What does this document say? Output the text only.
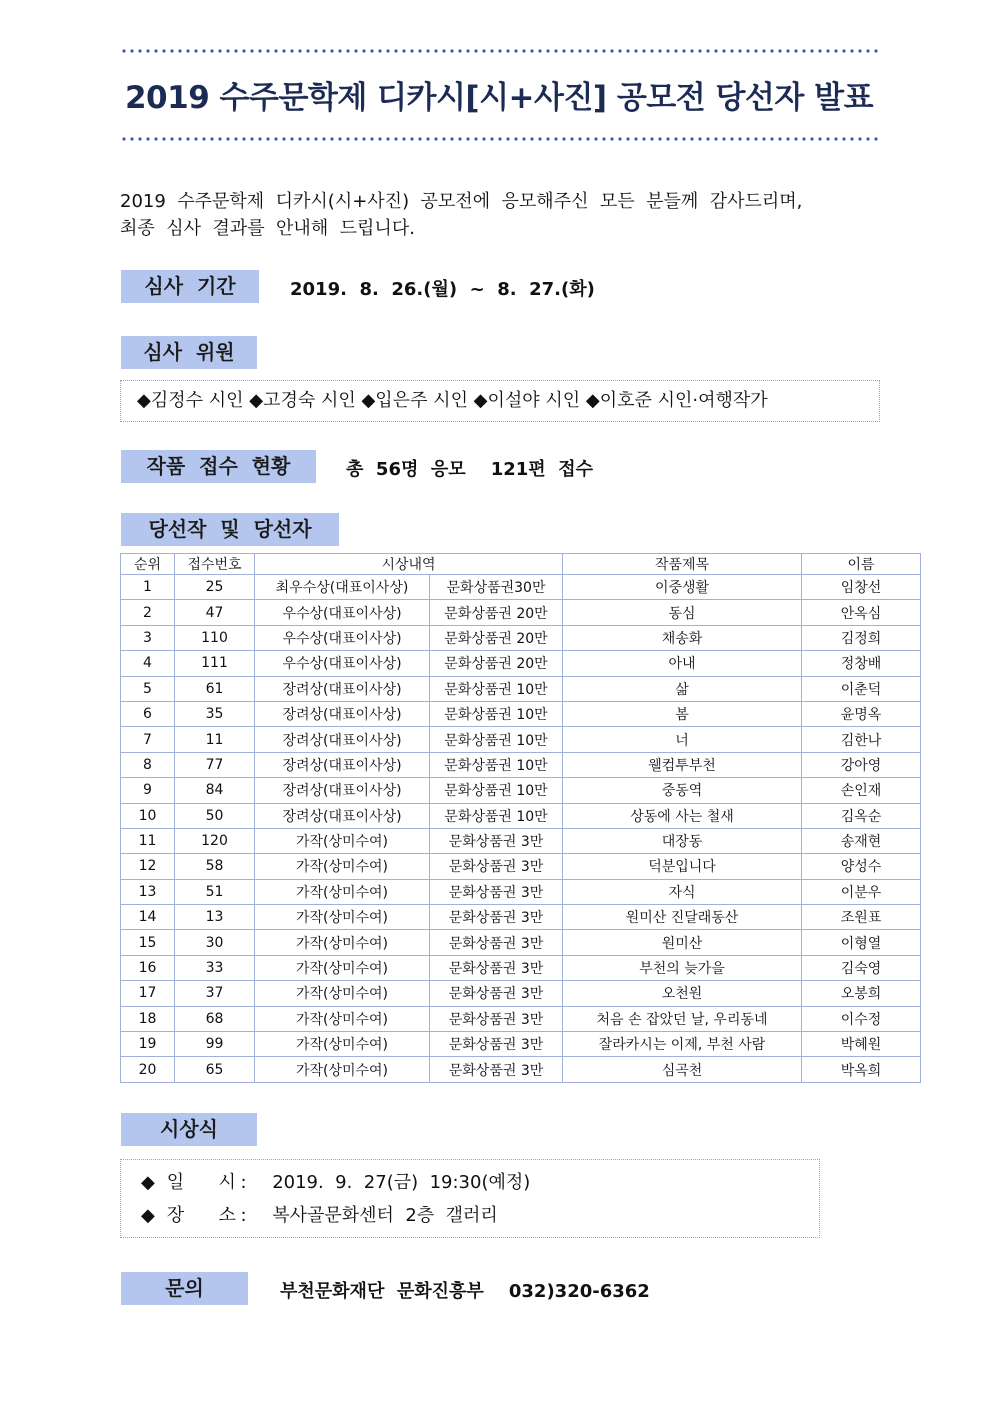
2019 수주문학제 디카시[시+사진] 공모전 당선자 발표
2019  수주문학제  디카시(시+사진)  공모전에  응모해주신  모든  분들께  감사드리며,
최종  심사  결과를  안내해  드립니다.
심사  기간	2019.  8.  26.(월)  ~  8.  27.(화)
심사  위원
◆김정수 시인 ◆고경숙 시인 ◆입은주 시인 ◆이설야 시인 ◆이호준 시인·여행작가
작품  접수  현황	총  56명  응모    121편  접수
당선작  및  당선자
순위	접수번호	시상내역		작품제목	이름
1	25	최우수상(대표이사상)	문화상품권30만	이중생활	임창선
2	47	우수상(대표이사상)	문화상품권 20만	동심	안옥심
3	110	우수상(대표이사상)	문화상품권 20만	채송화	김정희
4	111	우수상(대표이사상)	문화상품권 20만	아내	정창배
5	61	장려상(대표이사상)	문화상품권 10만	삶	이춘덕
6	35	장려상(대표이사상)	문화상품권 10만	봄	윤명옥
7	11	장려상(대표이사상)	문화상품권 10만	너	김한나
8	77	장려상(대표이사상)	문화상품권 10만	웰컴투부천	강아영
9	84	장려상(대표이사상)	문화상품권 10만	중동역	손인재
10	50	장려상(대표이사상)	문화상품권 10만	상동에 사는 철새	김옥순
11	120	가작(상미수여)	문화상품권 3만	대장동	송재현
12	58	가작(상미수여)	문화상품권 3만	덕분입니다	양성수
13	51	가작(상미수여)	문화상품권 3만	자식	이분우
14	13	가작(상미수여)	문화상품권 3만	원미산 진달래동산	조원표
15	30	가작(상미수여)	문화상품권 3만	원미산	이형열
16	33	가작(상미수여)	문화상품권 3만	부천의 늦가을	김숙영
17	37	가작(상미수여)	문화상품권 3만	오천원	오봉희
18	68	가작(상미수여)	문화상품권 3만	처음 손 잡았던 날, 우리동네	이수정
19	99	가작(상미수여)	문화상품권 3만	잘라카시는 이제, 부천 사람	박혜원
20	65	가작(상미수여)	문화상품권 3만	심곡천	박옥희
시상식
◆ 일      시 : 2019.  9.  27(금)  19:30(예정)
◆ 장      소 : 복사골문화센터  2층  갤러리
문의	부천문화재단  문화진흥부    032)320-6362
